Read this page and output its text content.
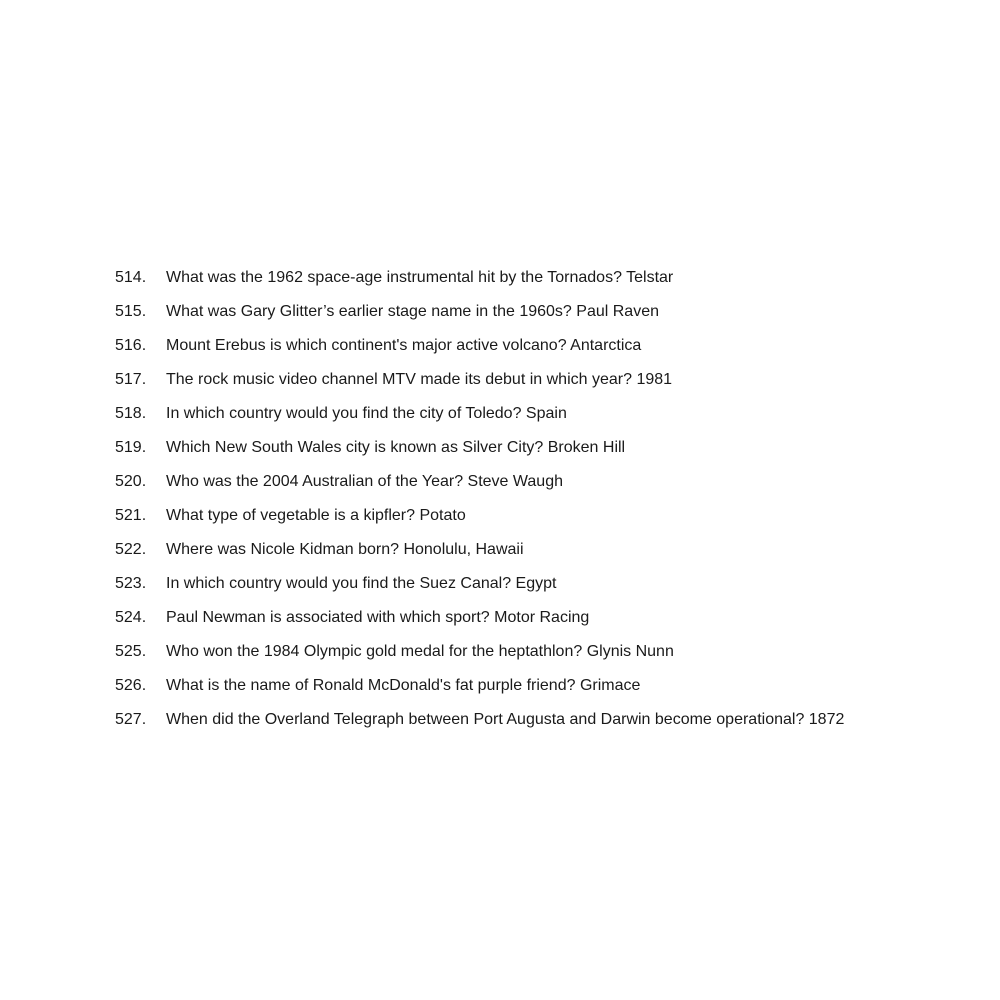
514.	What was the 1962 space-age instrumental hit by the Tornados? Telstar
515.	What was Gary Glitter’s earlier stage name in the 1960s? Paul Raven
516.	Mount Erebus is which continent's major active volcano? Antarctica
517.	The rock music video channel MTV made its debut in which year? 1981
518.	In which country would you find the city of Toledo? Spain
519.	Which New South Wales city is known as Silver City? Broken Hill
520.	Who was the 2004 Australian of the Year? Steve Waugh
521.	What type of vegetable is a kipfler? Potato
522.	Where was Nicole Kidman born? Honolulu, Hawaii
523.	In which country would you find the Suez Canal? Egypt
524.	Paul Newman is associated with which sport? Motor Racing
525.	Who won the 1984 Olympic gold medal for the heptathlon? Glynis Nunn
526.	What is the name of Ronald McDonald's fat purple friend? Grimace
527.	When did the Overland Telegraph between Port Augusta and Darwin become operational? 1872
